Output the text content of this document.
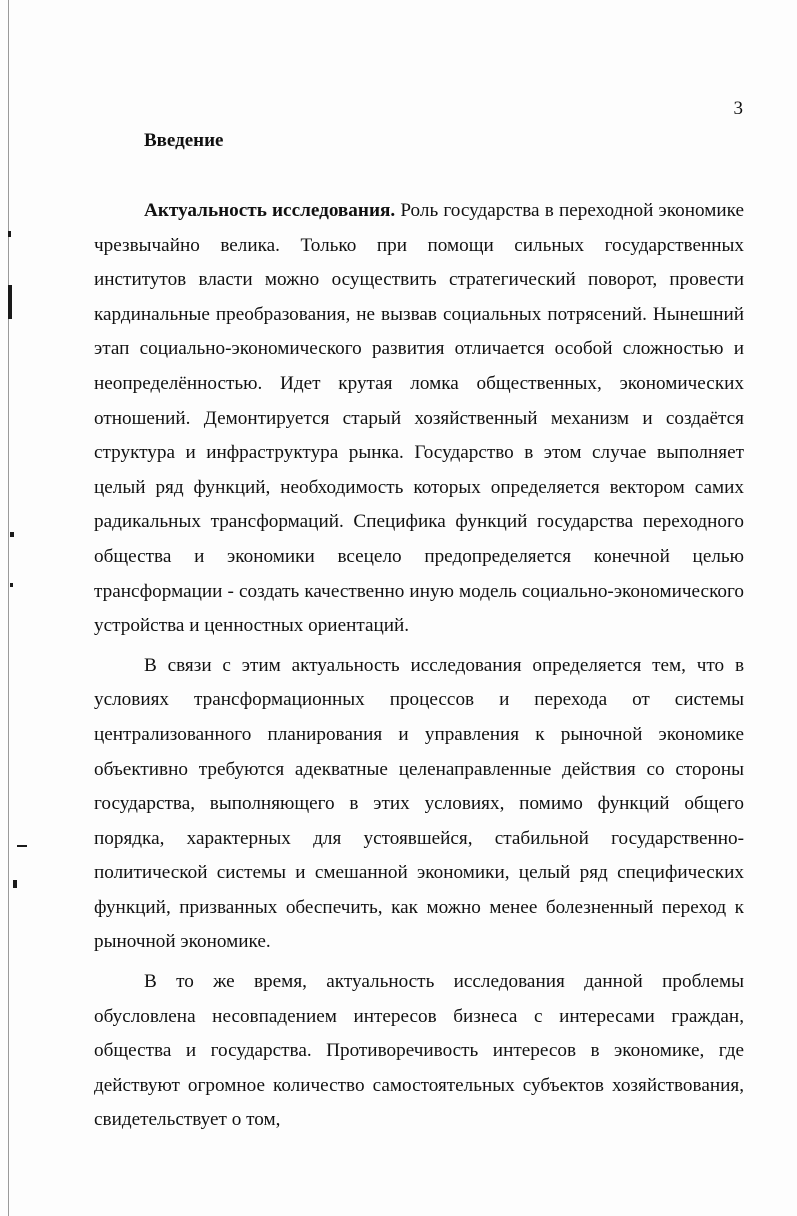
3
Введение

Актуальность исследования. Роль государства в переходной экономике чрезвычайно велика. Только при помощи сильных государственных институтов власти можно осуществить стратегический поворот, провести кардинальные преобразования, не вызвав социальных потрясений. Нынешний этап социально-экономического развития отличается особой сложностью и неопределённостью. Идет крутая ломка общественных, экономических отношений. Демонтируется старый хозяйственный механизм и создаётся структура и инфраструктура рынка. Государство в этом случае выполняет целый ряд функций, необходимость которых определяется вектором самих радикальных трансформаций. Специфика функций государства переходного общества и экономики всецело предопределяется конечной целью трансформации - создать качественно иную модель социально-экономического устройства и ценностных ориентаций.

В связи с этим актуальность исследования определяется тем, что в условиях трансформационных процессов и перехода от системы централизованного планирования и управления к рыночной экономике объективно требуются адекватные целенаправленные действия со стороны государства, выполняющего в этих условиях, помимо функций общего порядка, характерных для устоявшейся, стабильной государственно-политической системы и смешанной экономики, целый ряд специфических функций, призванных обеспечить, как можно менее болезненный переход к рыночной экономике.

В то же время, актуальность исследования данной проблемы обусловлена несовпадением интересов бизнеса с интересами граждан, общества и государства. Противоречивость интересов в экономике, где действуют огромное количество самостоятельных субъектов хозяйствования, свидетельствует о том,
